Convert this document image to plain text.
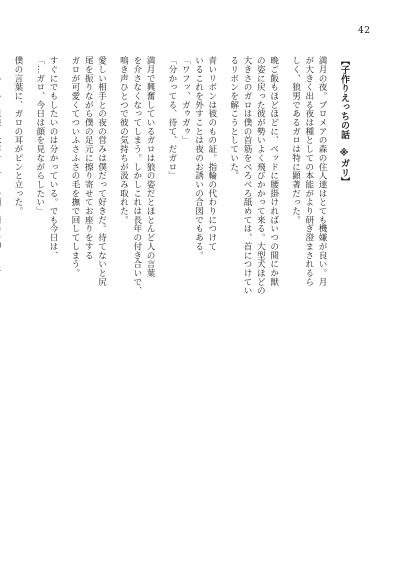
42
【子作りえっちの話　※ガリ】
満月の夜。ブロメアの森の住人達はとても機嫌が良い。月
が大きく出る夜は種としての本能がより研ぎ澄まされるら
しく、狼男であるガロは特に顕著だった。
晩ご飯もほどほどに、ベッドに腰掛ければいつの間にか獣
の姿に戻った彼が勢いよく飛びかかって来る。大型犬ほどの
大きさのガロは僕の首筋をべろべろ舐めては、首につけてい
るリボンを解こうとしていた。
青いリボンは彼のもの証。指輪の代わりにつけて
いるこれを外すことは夜のお誘いの合図でもある。
「ワフッ、ガゥガゥ」
「分かってる、待て、だガロ」
満月で興奮しているガロは狼の姿だとほとんど人の言葉
を介さなくなってしまう。しかしこれは長年の付き合いで、
鳴き声ひとつで彼の気持ちが汲み取れた。
愛しい相手との夜の営みは僕だって好きだ。待てないと尻
尾を振りながら僕の足元に擦り寄せてお座りをする
ガロが可愛くてついふさふさの毛を撫で回してしまう。
すぐにでもしたいのは分かっている。でも今日は、
「…ガロ、今日は顔を見ながらしたい」
僕の言葉に、ガロの耳がピンと立った。
